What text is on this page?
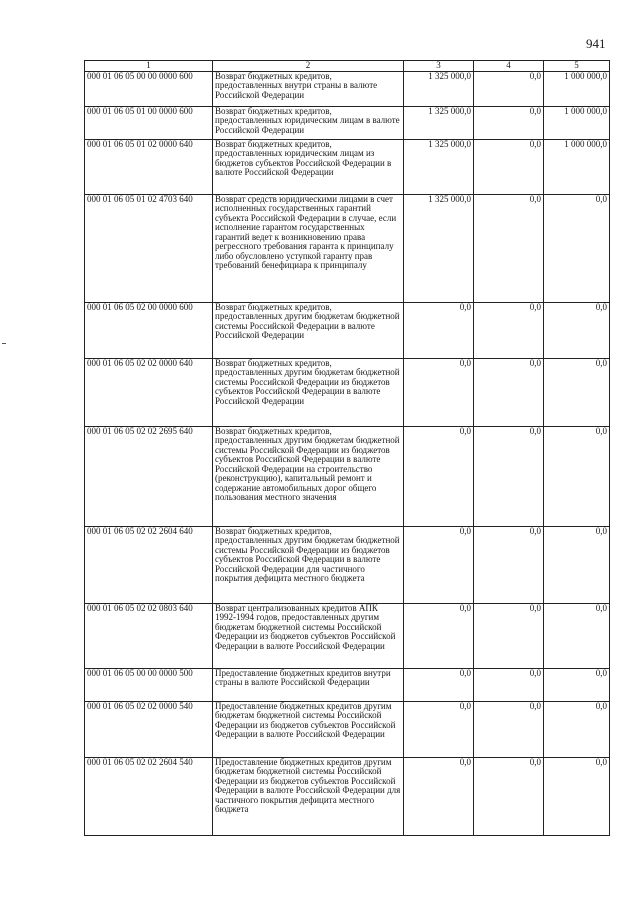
941
1	2	3	4	5
000 01 06 05 00 00 0000 600	Возврат бюджетных кредитов, предоставленных внутри страны в валюте Российской Федерации	1 325 000,0	0,0	1 000 000,0
000 01 06 05 01 00 0000 600	Возврат бюджетных кредитов, предоставленных юридическим лицам в валюте Российской Федерации	1 325 000,0	0,0	1 000 000,0
000 01 06 05 01 02 0000 640	Возврат бюджетных кредитов, предоставленных юридическим лицам из бюджетов субъектов Российской Федерации в валюте Российской Федерации	1 325 000,0	0,0	1 000 000,0
000 01 06 05 01 02 4703 640	Возврат средств юридическими лицами в счет исполненных государственных гарантий субъекта Российской Федерации в случае, если исполнение гарантом государственных гарантий ведет к возникновению права регрессного требования гаранта к принципалу либо обусловлено уступкой гаранту прав требований бенефициара к принципалу	1 325 000,0	0,0	0,0
000 01 06 05 02 00 0000 600	Возврат бюджетных кредитов, предоставленных другим бюджетам бюджетной системы Российской Федерации в валюте Российской Федерации	0,0	0,0	0,0
000 01 06 05 02 02 0000 640	Возврат бюджетных кредитов, предоставленных другим бюджетам бюджетной системы Российской Федерации из бюджетов субъектов Российской Федерации в валюте Российской Федерации	0,0	0,0	0,0
000 01 06 05 02 02 2695 640	Возврат бюджетных кредитов, предоставленных другим бюджетам бюджетной системы Российской Федерации из бюджетов субъектов Российской Федерации в валюте Российской Федерации на строительство (реконструкцию), капитальный ремонт и содержание автомобильных дорог общего пользования местного значения	0,0	0,0	0,0
000 01 06 05 02 02 2604 640	Возврат бюджетных кредитов, предоставленных другим бюджетам бюджетной системы Российской Федерации из бюджетов субъектов Российской Федерации в валюте Российской Федерации для частичного покрытия дефицита местного бюджета	0,0	0,0	0,0
000 01 06 05 02 02 0803 640	Возврат централизованных кредитов АПК 1992-1994 годов, предоставленных другим бюджетам бюджетной системы Российской Федерации из бюджетов субъектов Российской Федерации в валюте Российской Федерации	0,0	0,0	0,0
000 01 06 05 00 00 0000 500	Предоставление бюджетных кредитов внутри страны в валюте Российской Федерации	0,0	0,0	0,0
000 01 06 05 02 02 0000 540	Предоставление бюджетных кредитов другим бюджетам бюджетной системы Российской Федерации из бюджетов субъектов Российской Федерации в валюте Российской Федерации	0,0	0,0	0,0
000 01 06 05 02 02 2604 540	Предоставление бюджетных кредитов другим бюджетам бюджетной системы Российской Федерации из бюджетов субъектов Российской Федерации в валюте Российской Федерации для частичного покрытия дефицита местного бюджета	0,0	0,0	0,0
